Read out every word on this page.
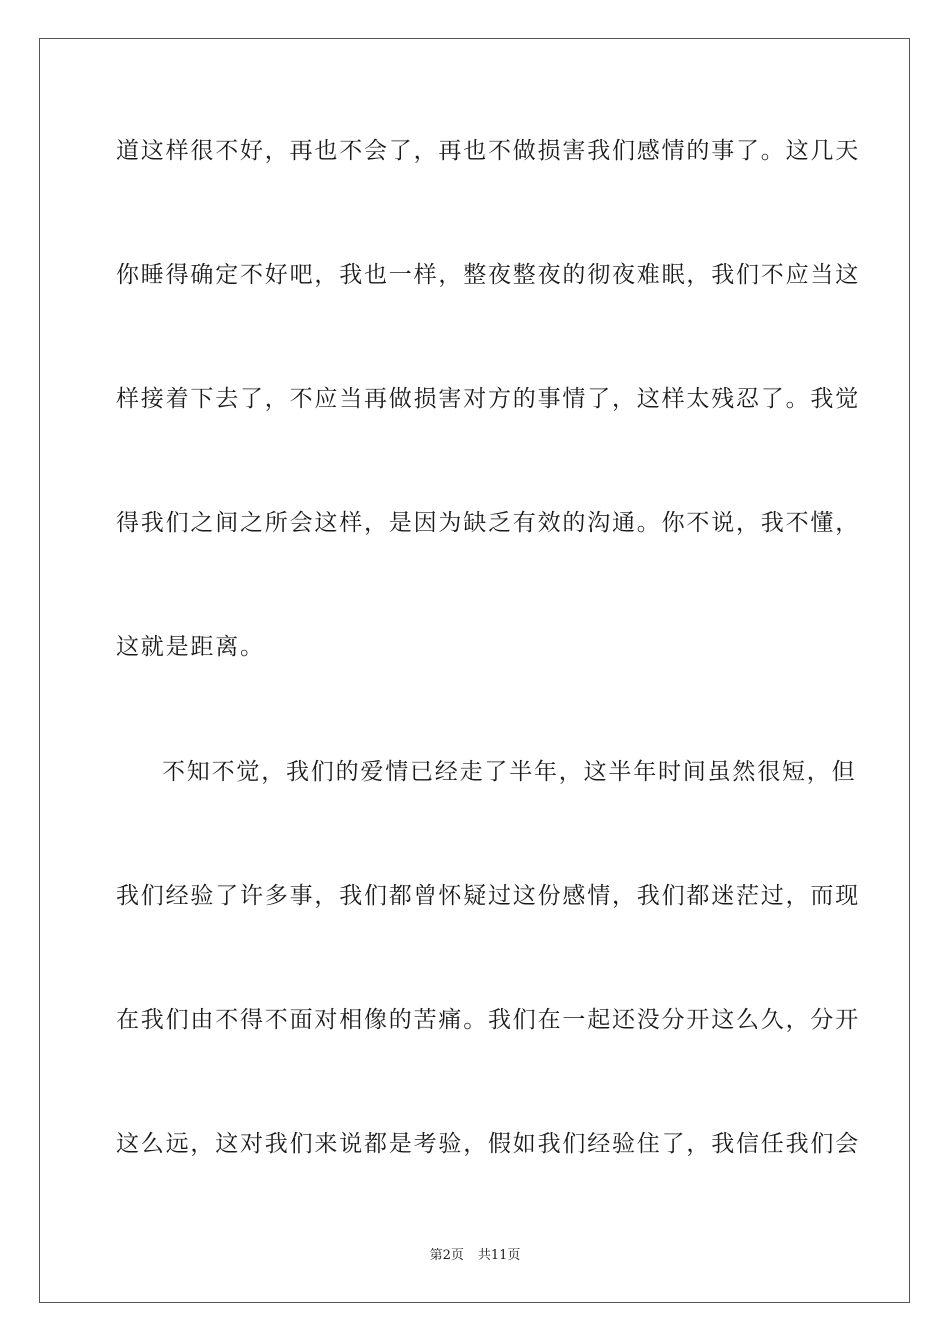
道这样很不好，再也不会了，再也不做损害我们感情的事了。这几天
你睡得确定不好吧，我也一样，整夜整夜的彻夜难眠，我们不应当这
样接着下去了，不应当再做损害对方的事情了，这样太残忍了。我觉
得我们之间之所会这样，是因为缺乏有效的沟通。你不说，我不懂，
这就是距离。
不知不觉，我们的爱情已经走了半年，这半年时间虽然很短，但
我们经验了许多事，我们都曾怀疑过这份感情，我们都迷茫过，而现
在我们由不得不面对相像的苦痛。我们在一起还没分开这么久，分开
这么远，这对我们来说都是考验，假如我们经验住了，我信任我们会
第2页 共11页
